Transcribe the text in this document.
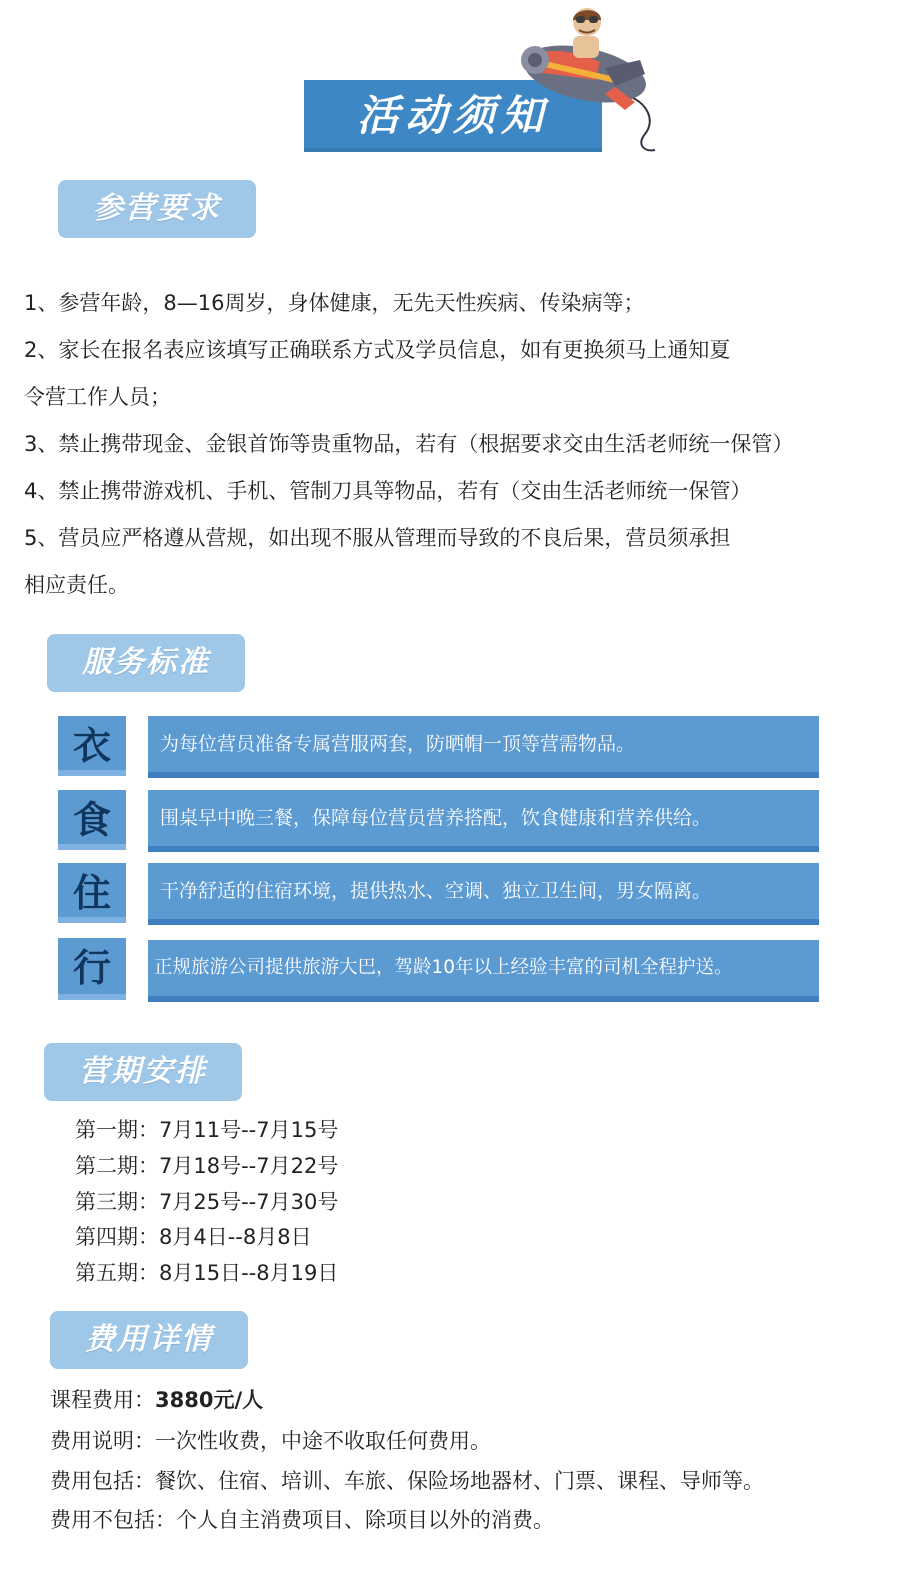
活动须知
参营要求
1、参营年龄，8—16周岁，身体健康，无先天性疾病、传染病等；
2、家长在报名表应该填写正确联系方式及学员信息，如有更换须马上通知夏
令营工作人员；
3、禁止携带现金、金银首饰等贵重物品，若有（根据要求交由生活老师统一保管）
4、禁止携带游戏机、手机、管制刀具等物品，若有（交由生活老师统一保管）
5、营员应严格遵从营规，如出现不服从管理而导致的不良后果，营员须承担
相应责任。
服务标准
衣	为每位营员准备专属营服两套，防晒帽一顶等营需物品。
食	围桌早中晚三餐，保障每位营员营养搭配，饮食健康和营养供给。
住	干净舒适的住宿环境，提供热水、空调、独立卫生间，男女隔离。
行	正规旅游公司提供旅游大巴，驾龄10年以上经验丰富的司机全程护送。
营期安排
第一期：7月11号--7月15号
第二期：7月18号--7月22号
第三期：7月25号--7月30号
第四期：8月4日--8月8日
第五期：8月15日--8月19日
费用详情
课程费用：3880元/人
费用说明：一次性收费，中途不收取任何费用。
费用包括：餐饮、住宿、培训、车旅、保险场地器材、门票、课程、导师等。
费用不包括：个人自主消费项目、除项目以外的消费。
